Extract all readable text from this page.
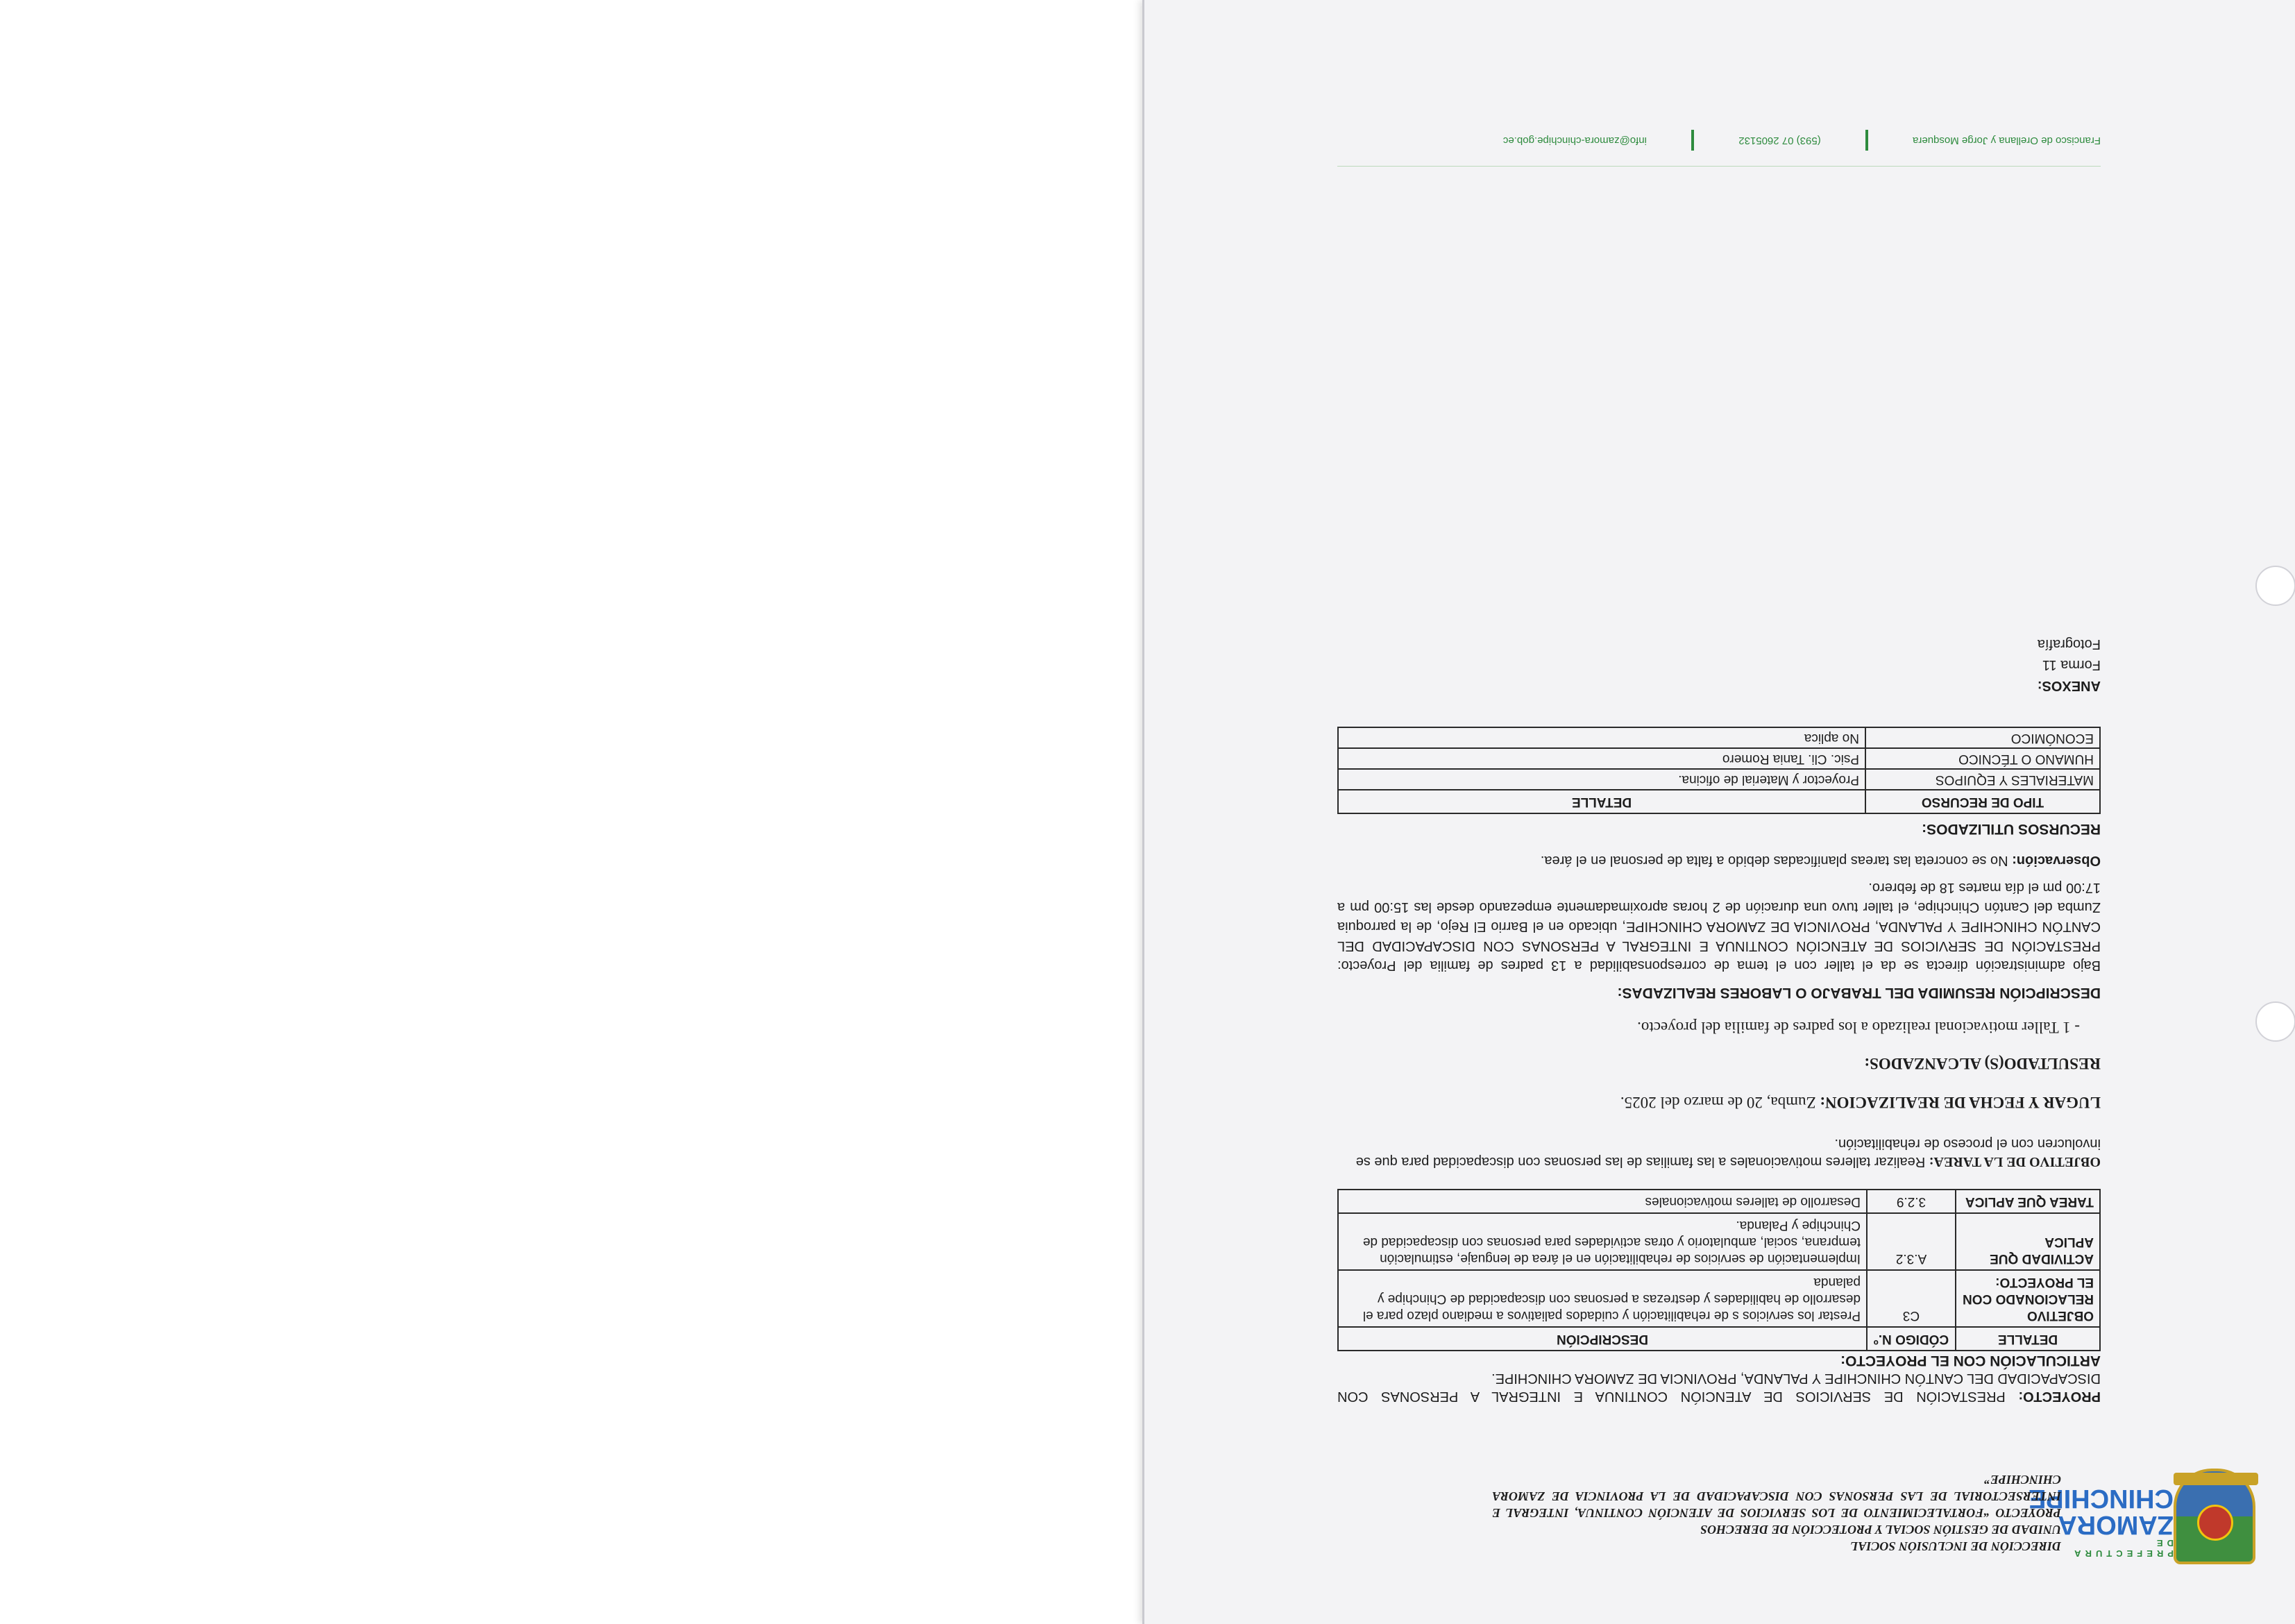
PREFECTURA DE
ZAMORA
CHINCHIPE
DIRECCIÓN DE INCLUSIÓN SOCIAL
UNIDAD DE GESTIÓN SOCIAL Y PROTECCIÓN DE DERECHOS
PROYECTO “FORTALECIMIENTO DE LOS SERVICIOS DE ATENCIÓN CONTINUA, INTEGRAL E INTERSECTORIAL DE LAS PERSONAS CON DISCAPACIDAD DE LA PROVINCIA DE ZAMORA CHINCHIPE”
PROYECTO: PRESTACIÓN DE SERVICIOS DE ATENCIÓN CONTINUA E INTEGRAL A PERSONAS CON DISCAPACIDAD DEL CANTÓN CHINCHIPE Y PALANDA, PROVINCIA DE ZAMORA CHINCHIPE.
ARTICULACIÓN CON EL PROYECTO:
DETALLE	CÓDIGO N.º	DESCRIPCIÓN
OBJETIVO RELACIONADO CON EL PROYECTO:	C3	Prestar los servicios s de rehabilitación y cuidados paliativos a mediano plazo para el desarrollo de habilidades y destrezas a personas con discapacidad de Chinchipe y palanda
ACTIVIDAD QUE APLICA	A.3.2	Implementación de servicios de rehabilitación en el área de lenguaje, estimulación temprana, social, ambulatorio y otras actividades para personas con discapacidad de Chinchipe y Palanda.
TAREA QUE APLICA	3.2.9	Desarrollo de talleres motivacionales
OBJETIVO DE LA TAREA: Realizar talleres motivacionales a las familias de las personas con discapacidad para que se involucren con el proceso de rehabilitación.
LUGAR Y FECHA DE REALIZACION: Zumba, 20 de marzo del 2025.
RESULTADO(S) ALCANZADOS:
- 1 Taller motivacional realizado a los padres de familia del proyecto.
DESCRIPCIÓN RESUMIDA DEL TRABAJO O LABORES REALIZADAS:
Bajo administración directa se da el taller con el tema de corresponsabilidad a 13 padres de familia del Proyecto: PRESTACIÓN DE SERVICIOS DE ATENCIÓN CONTINUA E INTEGRAL A PERSONAS CON DISCAPACIDAD DEL CANTÓN CHINCHIPE Y PALANDA, PROVINCIA DE ZAMORA CHINCHIPE, ubicado en el Barrio El Rejo, de la parroquia Zumba del Cantón Chinchipe, el taller tuvo una duración de 2 horas aproximadamente empezando desde las 15:00 pm a 17:00 pm el día martes 18 de febrero.
Observación: No se concreta las tareas planificadas debido a falta de personal en el área.
RECURSOS UTILIZADOS:
TIPO DE RECURSO	DETALLE
MATERIALES Y EQUIPOS	Proyector y Material de oficina.
HUMANO O TÉCNICO	Psic. Cli. Tania Romero
ECONÓMICO	No aplica
ANEXOS:
Forma 11
Fotografía
Francisco de Orellana y Jorge Mosquera  (593) 07 2605132  info@zamora-chinchipe.gob.ec
